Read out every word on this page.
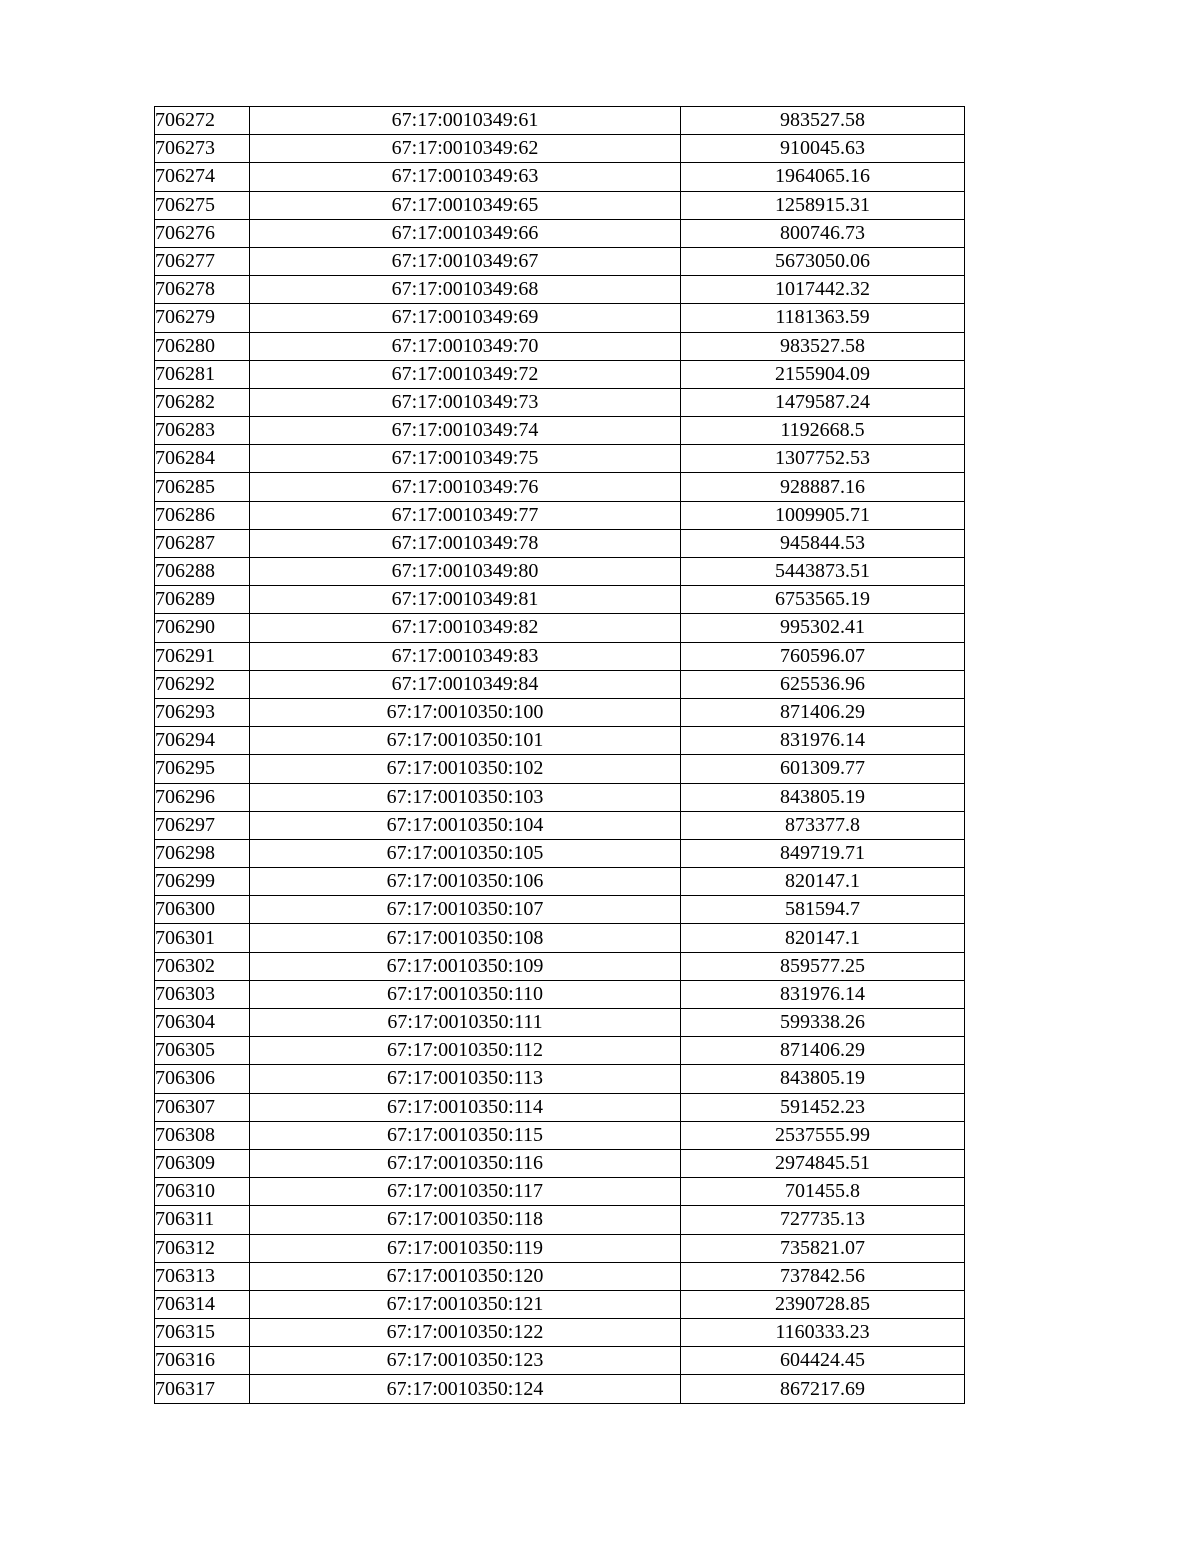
706272	67:17:0010349:61	983527.58
706273	67:17:0010349:62	910045.63
706274	67:17:0010349:63	1964065.16
706275	67:17:0010349:65	1258915.31
706276	67:17:0010349:66	800746.73
706277	67:17:0010349:67	5673050.06
706278	67:17:0010349:68	1017442.32
706279	67:17:0010349:69	1181363.59
706280	67:17:0010349:70	983527.58
706281	67:17:0010349:72	2155904.09
706282	67:17:0010349:73	1479587.24
706283	67:17:0010349:74	1192668.5
706284	67:17:0010349:75	1307752.53
706285	67:17:0010349:76	928887.16
706286	67:17:0010349:77	1009905.71
706287	67:17:0010349:78	945844.53
706288	67:17:0010349:80	5443873.51
706289	67:17:0010349:81	6753565.19
706290	67:17:0010349:82	995302.41
706291	67:17:0010349:83	760596.07
706292	67:17:0010349:84	625536.96
706293	67:17:0010350:100	871406.29
706294	67:17:0010350:101	831976.14
706295	67:17:0010350:102	601309.77
706296	67:17:0010350:103	843805.19
706297	67:17:0010350:104	873377.8
706298	67:17:0010350:105	849719.71
706299	67:17:0010350:106	820147.1
706300	67:17:0010350:107	581594.7
706301	67:17:0010350:108	820147.1
706302	67:17:0010350:109	859577.25
706303	67:17:0010350:110	831976.14
706304	67:17:0010350:111	599338.26
706305	67:17:0010350:112	871406.29
706306	67:17:0010350:113	843805.19
706307	67:17:0010350:114	591452.23
706308	67:17:0010350:115	2537555.99
706309	67:17:0010350:116	2974845.51
706310	67:17:0010350:117	701455.8
706311	67:17:0010350:118	727735.13
706312	67:17:0010350:119	735821.07
706313	67:17:0010350:120	737842.56
706314	67:17:0010350:121	2390728.85
706315	67:17:0010350:122	1160333.23
706316	67:17:0010350:123	604424.45
706317	67:17:0010350:124	867217.69
